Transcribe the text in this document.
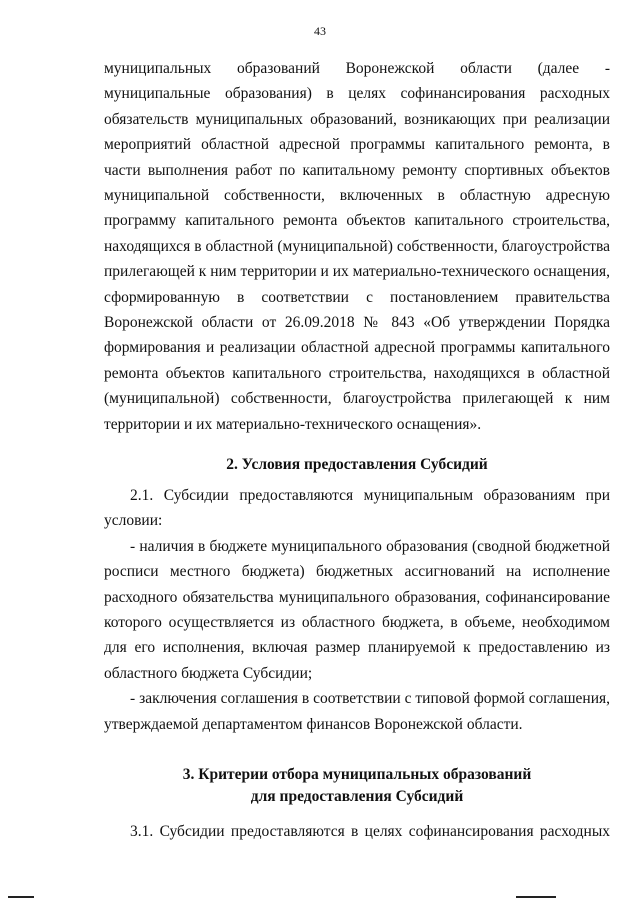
43

муниципальных образований Воронежской области (далее - муниципальные образования) в целях софинансирования расходных обязательств муниципальных образований, возникающих при реализации мероприятий областной адресной программы капитального ремонта, в части выполнения работ по капитальному ремонту спортивных объектов муниципальной собственности, включенных в областную адресную программу капитального ремонта объектов капитального строительства, находящихся в областной (муниципальной) собственности, благоустройства прилегающей к ним территории и их материально-технического оснащения, сформированную в соответствии с постановлением правительства Воронежской области от 26.09.2018 № 843 «Об утверждении Порядка формирования и реализации областной адресной программы капитального ремонта объектов капитального строительства, находящихся в областной (муниципальной) собственности, благоустройства прилегающей к ним территории и их материально-технического оснащения».

2. Условия предоставления Субсидий

2.1. Субсидии предоставляются муниципальным образованиям при условии:

- наличия в бюджете муниципального образования (сводной бюджетной росписи местного бюджета) бюджетных ассигнований на исполнение расходного обязательства муниципального образования, софинансирование которого осуществляется из областного бюджета, в объеме, необходимом для его исполнения, включая размер планируемой к предоставлению из областного бюджета Субсидии;

- заключения соглашения в соответствии с типовой формой соглашения, утверждаемой департаментом финансов Воронежской области.

3. Критерии отбора муниципальных образований
для предоставления Субсидий

3.1. Субсидии предоставляются в целях софинансирования расходных
